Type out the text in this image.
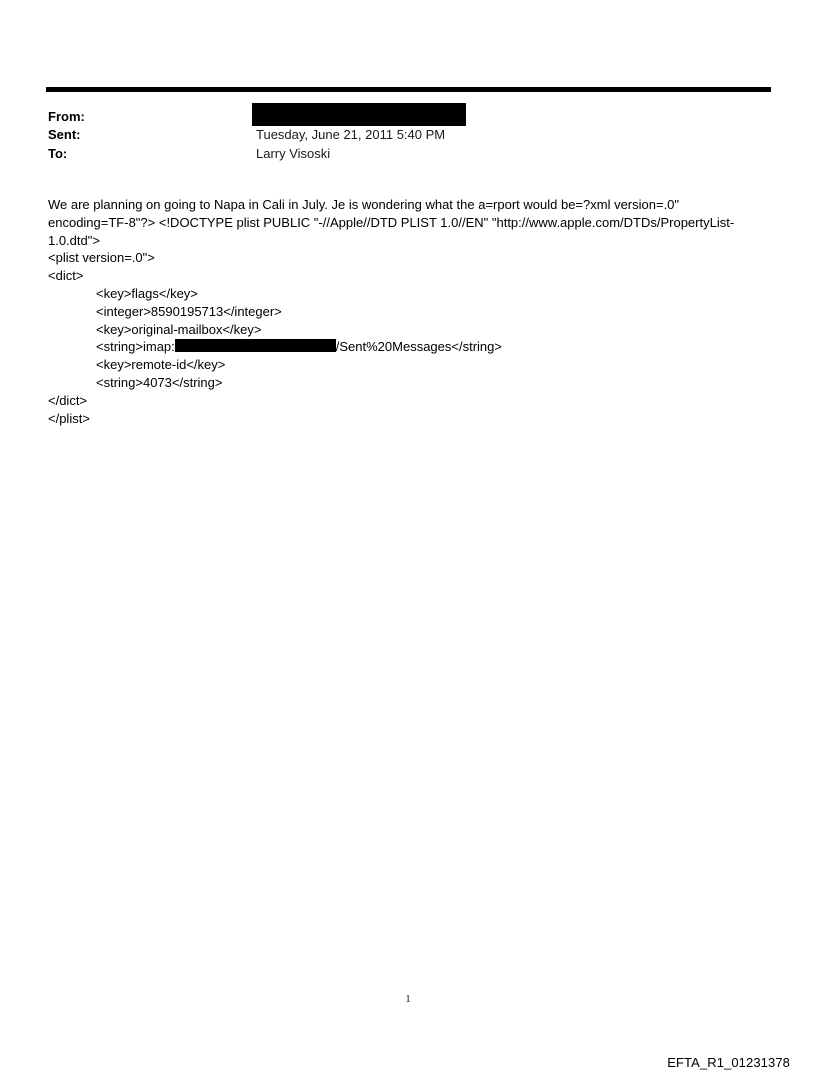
From:
Sent:	Tuesday, June 21, 2011 5:40 PM
To:	Larry Visoski
We are planning on going to Napa in Cali in July. Je is wondering what the a=rport would be=?xml version=.0"
encoding=TF-8"?> <!DOCTYPE plist PUBLIC "-//Apple//DTD PLIST 1.0//EN" "http://www.apple.com/DTDs/PropertyList-
1.0.dtd">
<plist version=.0">
<dict>
<key>flags</key>
<integer>8590195713</integer>
<key>original-mailbox</key>
<string>imap:	/Sent%20Messages</string>
<key>remote-id</key>
<string>4073</string>
</dict>
</plist>
1
EFTA_R1_01231378
